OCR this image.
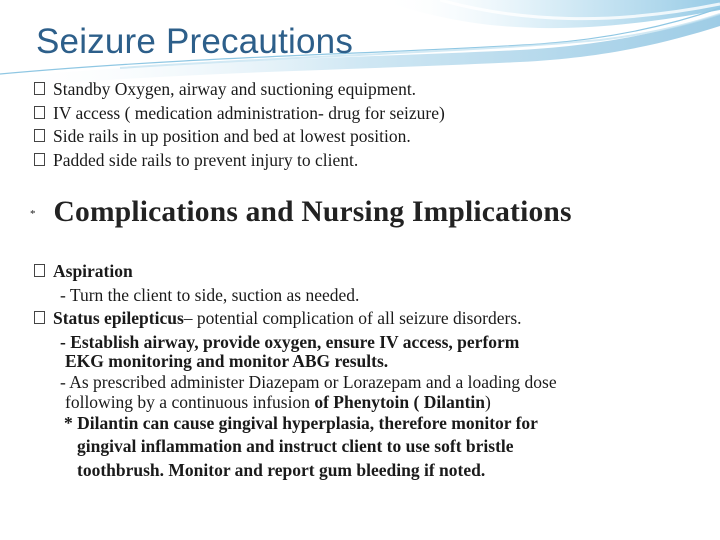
Seizure Precautions
Standby Oxygen, airway and suctioning equipment.
IV access ( medication administration- drug for seizure)
Side rails in up position and bed at lowest position.
Padded side rails to prevent injury to client.
* Complications and Nursing Implications
Aspiration
- Turn the client to side, suction as needed.
Status epilepticus – potential complication of all seizure disorders.
- Establish airway, provide oxygen, ensure IV access, perform
EKG monitoring and monitor ABG results.
- As prescribed administer Diazepam or Lorazepam and a loading dose
following by a continuous infusion of Phenytoin ( Dilantin)
* Dilantin can cause gingival hyperplasia, therefore monitor for
gingival inflammation and instruct client to use soft bristle
toothbrush. Monitor and report gum bleeding if noted.
